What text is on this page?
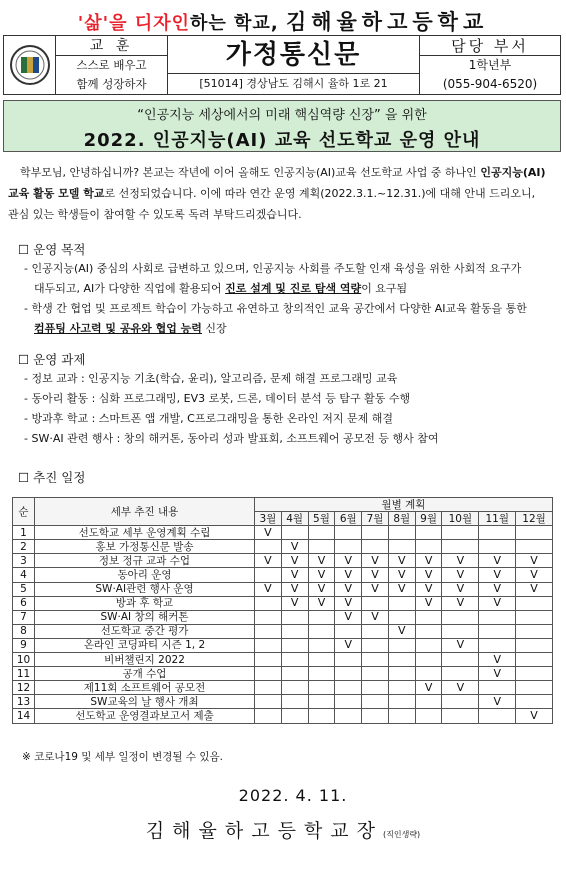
'삶'을 디자인하는 학교, 김해율하고등학교
교 훈
스스로 배우고
함께 성장하자
가정통신문
[51014] 경상남도 김해시 율하 1로 21
담당 부서
1학년부
(055-904-6520)
“인공지능 세상에서의 미래 핵심역량 신장” 을 위한
2022. 인공지능(AI) 교육 선도학교 운영 안내
학부모님, 안녕하십니까? 본교는 작년에 이어 올해도 인공지능(AI)교육 선도학교 사업 중 하나인 인공지능(AI)교육 활동 모델 학교로 선정되었습니다. 이에 따라 연간 운영 계획(2022.3.1.~12.31.)에 대해 안내 드리오니, 관심 있는 학생들이 참여할 수 있도록 독려 부탁드리겠습니다.
☐ 운영 목적

- 인공지능(AI) 중심의 사회로 급변하고 있으며, 인공지능 사회를 주도할 인재 육성을 위한 사회적 요구가 대두되고, AI가 다양한 직업에 활용되어 진로 설계 및 진로 탐색 역량이 요구됨

- 학생 간 협업 및 프로젝트 학습이 가능하고 유연하고 창의적인 교육 공간에서 다양한 AI교육 활동을 통한 컴퓨팅 사고력 및 공유와 협업 능력 신장

☐ 운영 과제

- 정보 교과 : 인공지능 기초(학습, 윤리), 알고리즘, 문제 해결 프로그래밍 교육

- 동아리 활동 : 심화 프로그래밍, EV3 로봇, 드론, 데이터 분석 등 탐구 활동 수행

- 방과후 학교 : 스마트폰 앱 개발, C프로그래밍을 통한 온라인 저지 문제 해결

- SW·AI 관련 행사 : 창의 해커톤, 동아리 성과 발표회, 소프트웨어 공모전 등 행사 참여

☐ 추진 일정
순	세부 추진 내용	월별 계획									
		3월	4월	5월	6월	7월	8월	9월	10월	11월	12월
1	선도학교 세부 운영계획 수립	V									
2	홍보 가정통신문 발송		V								
3	정보 정규 교과 수업	V	V	V	V	V	V	V	V	V	V
4	동아리 운영		V	V	V	V	V	V	V	V	V
5	SW·AI관련 행사 운영	V	V	V	V	V	V	V	V	V	V
6	방과 후 학교		V	V	V			V	V	V	
7	SW·AI 창의 해커톤				V	V					
8	선도학교 중간 평가						V				
9	온라인 코딩파티 시즌 1, 2				V				V		
10	비버챌린지 2022									V	
11	공개 수업									V	
12	제11회 소프트웨어 공모전							V	V		
13	SW교육의 날 행사 개최									V	
14	선도학교 운영결과보고서 제출										V
※ 코로나19 및 세부 일정이 변경될 수 있음.
2022. 4. 11.
김해율하고등학교장(직인생략)
